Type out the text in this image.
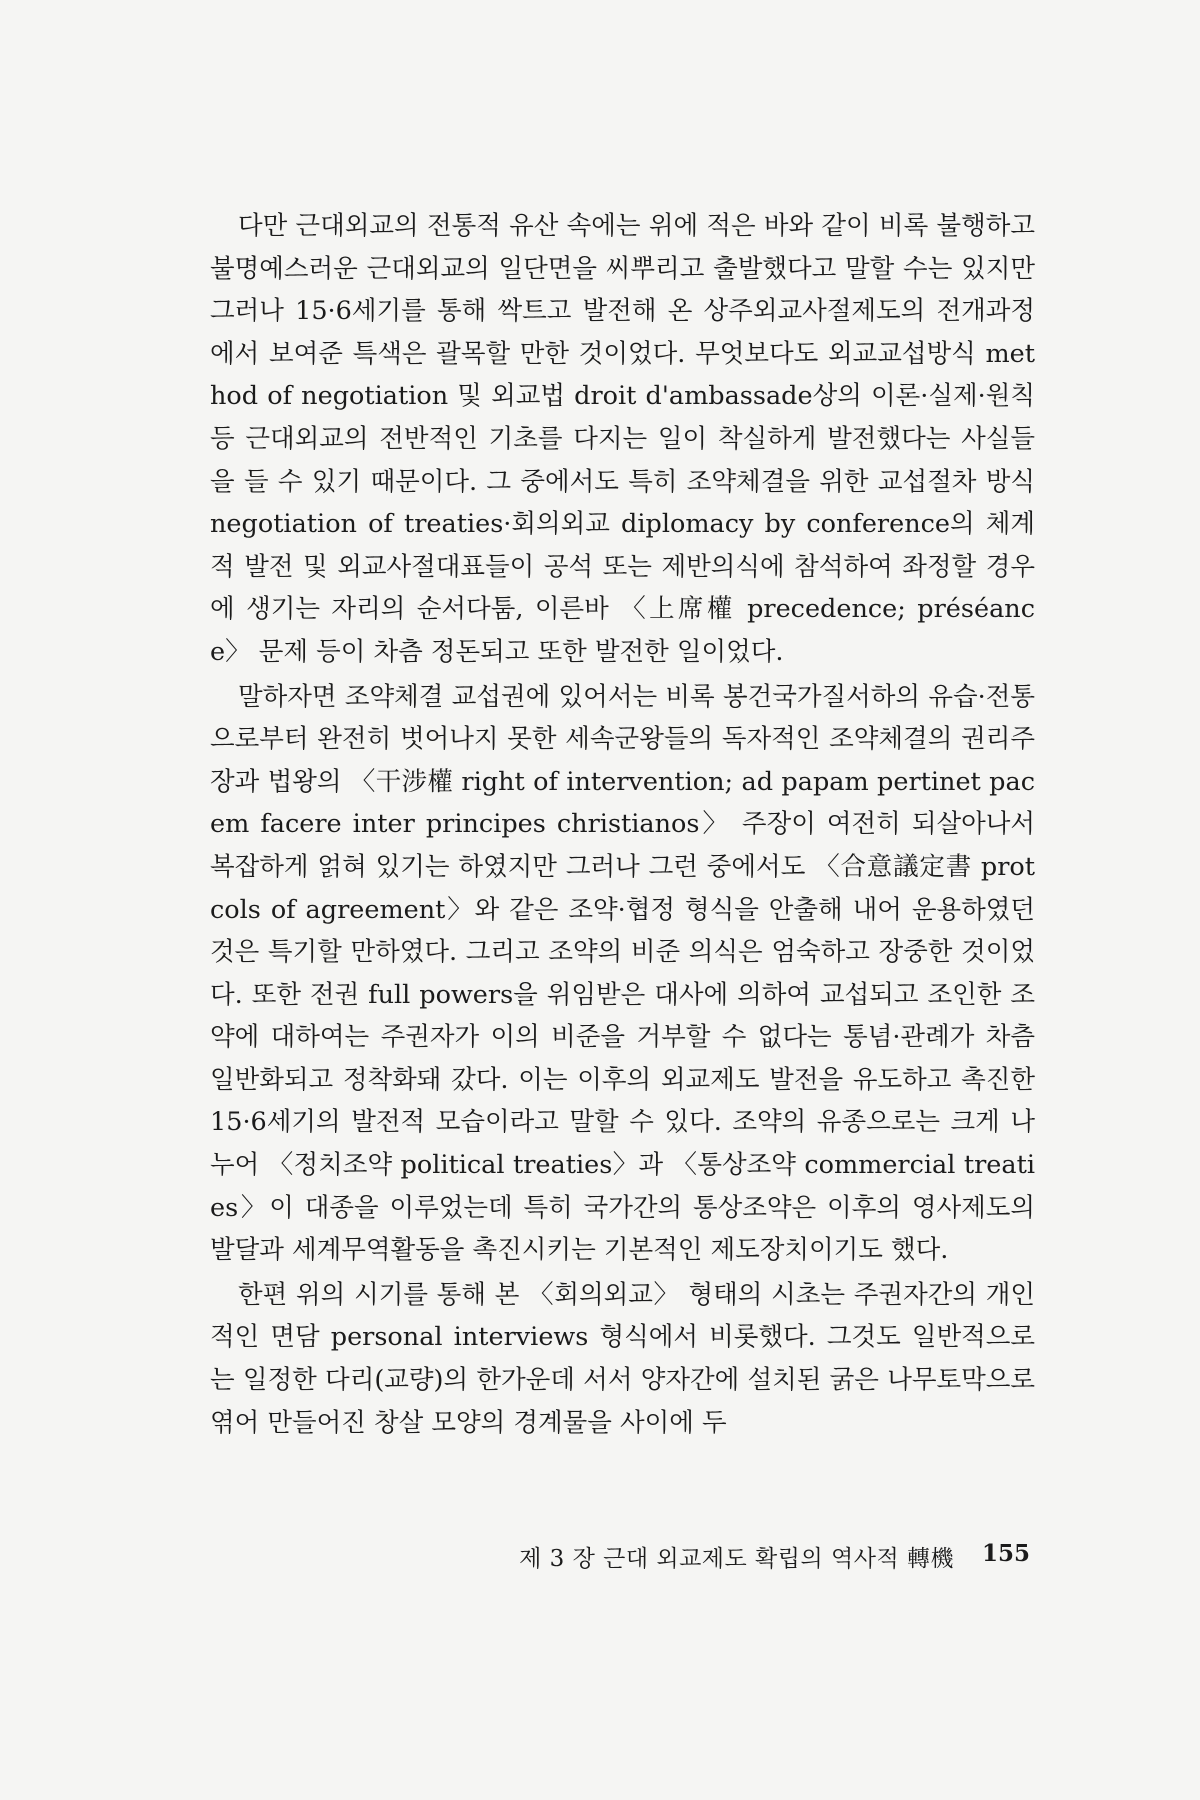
다만 근대외교의 전통적 유산 속에는 위에 적은 바와 같이 비록 불행하고 불명예스러운 근대외교의 일단면을 씨뿌리고 출발했다고 말할 수는 있지만 그러나 15·6세기를 통해 싹트고 발전해 온 상주외교사절제도의 전개과정에서 보여준 특색은 괄목할 만한 것이었다. 무엇보다도 외교교섭방식 method of negotiation 및 외교법 droit d'ambassade상의 이론·실제·원칙 등 근대외교의 전반적인 기초를 다지는 일이 착실하게 발전했다는 사실들을 들 수 있기 때문이다. 그 중에서도 특히 조약체결을 위한 교섭절차 방식 negotiation of treaties·회의외교 diplomacy by conference의 체계적 발전 및 외교사절대표들이 공석 또는 제반의식에 참석하여 좌정할 경우에 생기는 자리의 순서다툼, 이른바 〈上席權 precedence; préséance〉 문제 등이 차츰 정돈되고 또한 발전한 일이었다.

말하자면 조약체결 교섭권에 있어서는 비록 봉건국가질서하의 유습·전통으로부터 완전히 벗어나지 못한 세속군왕들의 독자적인 조약체결의 권리주장과 법왕의 〈干涉權 right of intervention; ad papam pertinet pacem facere inter principes christianos〉 주장이 여전히 되살아나서 복잡하게 얽혀 있기는 하였지만 그러나 그런 중에서도 〈合意議定書 protcols of agreement〉와 같은 조약·협정 형식을 안출해 내어 운용하였던 것은 특기할 만하였다. 그리고 조약의 비준 의식은 엄숙하고 장중한 것이었다. 또한 전권 full powers을 위임받은 대사에 의하여 교섭되고 조인한 조약에 대하여는 주권자가 이의 비준을 거부할 수 없다는 통념·관례가 차츰 일반화되고 정착화돼 갔다. 이는 이후의 외교제도 발전을 유도하고 촉진한 15·6세기의 발전적 모습이라고 말할 수 있다. 조약의 유종으로는 크게 나누어 〈정치조약 political treaties〉과 〈통상조약 commercial treaties〉이 대종을 이루었는데 특히 국가간의 통상조약은 이후의 영사제도의 발달과 세계무역활동을 촉진시키는 기본적인 제도장치이기도 했다.

한편 위의 시기를 통해 본 〈회의외교〉 형태의 시초는 주권자간의 개인적인 면담 personal interviews 형식에서 비롯했다. 그것도 일반적으로는 일정한 다리(교량)의 한가운데 서서 양자간에 설치된 굵은 나무토막으로 엮어 만들어진 창살 모양의 경계물을 사이에 두

제 3 장 근대 외교제도 확립의 역사적 轉機 155
